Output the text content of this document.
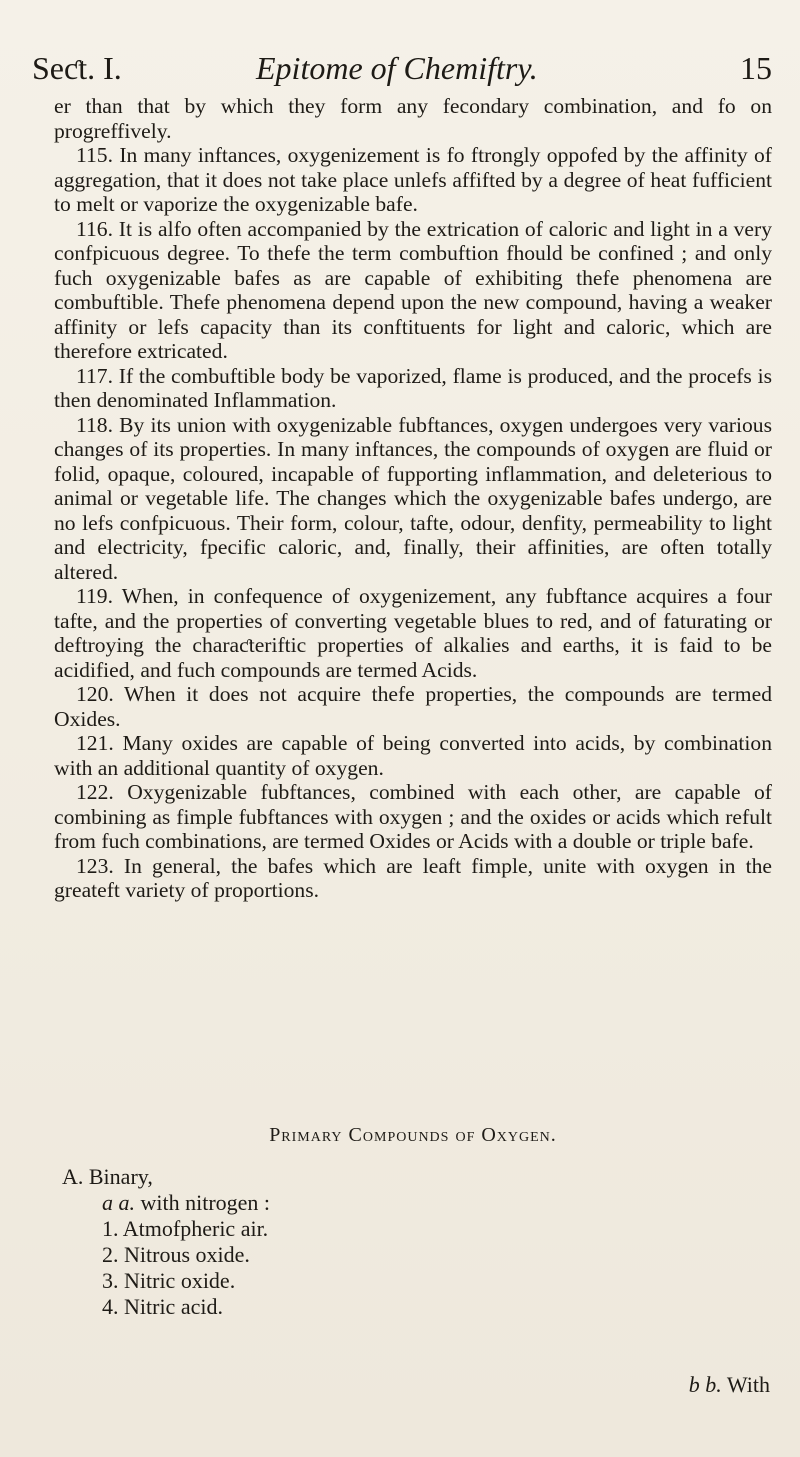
Seƈt. I.	Epitome of Chemiftry.	15

er than that by which they form any fecondary combination, and fo on progreffively.

115. In many inftances, oxygenizement is fo ftrongly oppofed by the affinity of aggregation, that it does not take place unlefs affifted by a degree of heat fufficient to melt or vaporize the oxygenizable bafe.

116. It is alfo often accompanied by the extrication of caloric and light in a very confpicuous degree. To thefe the term combuftion fhould be confined ; and only fuch oxygenizable bafes as are capable of exhibiting thefe phenomena are combuftible. Thefe phenomena depend upon the new compound, having a weaker affinity or lefs capacity than its conftituents for light and caloric, which are therefore extricated.

117. If the combuftible body be vaporized, flame is produced, and the procefs is then denominated Inflammation.

118. By its union with oxygenizable fubftances, oxygen undergoes very various changes of its properties. In many inftances, the compounds of oxygen are fluid or folid, opaque, coloured, incapable of fupporting inflammation, and deleterious to animal or vegetable life. The changes which the oxygenizable bafes undergo, are no lefs confpicuous. Their form, colour, tafte, odour, denfity, permeability to light and electricity, fpecific caloric, and, finally, their affinities, are often totally altered.

119. When, in confequence of oxygenizement, any fubftance acquires a four tafte, and the properties of converting vegetable blues to red, and of faturating or deftroying the charaƈteriftic properties of alkalies and earths, it is faid to be acidified, and fuch compounds are termed Acids.

120. When it does not acquire thefe properties, the compounds are termed Oxides.

121. Many oxides are capable of being converted into acids, by combination with an additional quantity of oxygen.

122. Oxygenizable fubftances, combined with each other, are capable of combining as fimple fubftances with oxygen ; and the oxides or acids which refult from fuch combinations, are termed Oxides or Acids with a double or triple bafe.

123. In general, the bafes which are leaft fimple, unite with oxygen in the greateft variety of proportions.

Primary Compounds of Oxygen.
A. Binary,
a a. with nitrogen :
1. Atmofpheric air.
2. Nitrous oxide.
3. Nitric oxide.
4. Nitric acid.
b b. With
